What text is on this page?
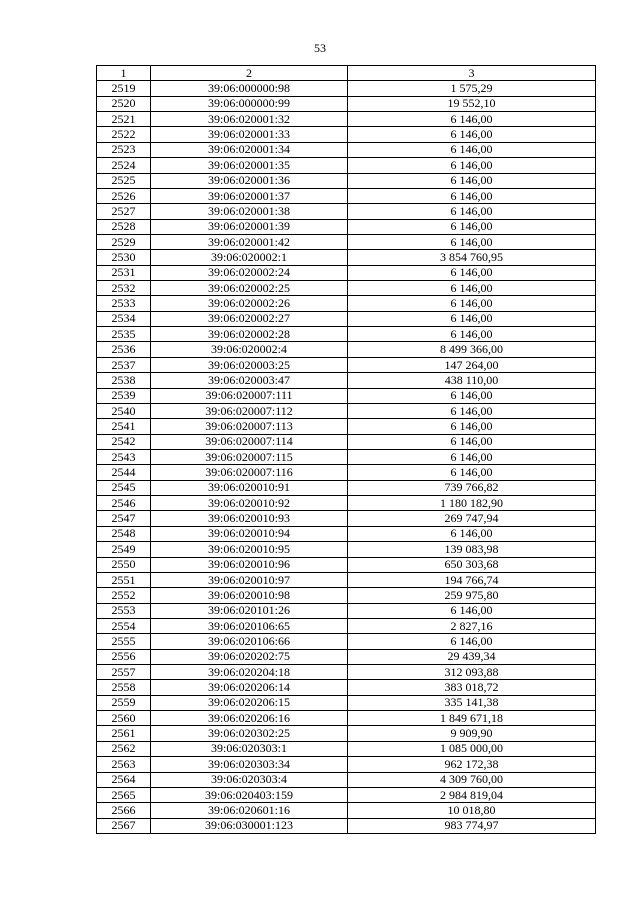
53
1	2	3
2519	39:06:000000:98	1 575,29
2520	39:06:000000:99	19 552,10
2521	39:06:020001:32	6 146,00
2522	39:06:020001:33	6 146,00
2523	39:06:020001:34	6 146,00
2524	39:06:020001:35	6 146,00
2525	39:06:020001:36	6 146,00
2526	39:06:020001:37	6 146,00
2527	39:06:020001:38	6 146,00
2528	39:06:020001:39	6 146,00
2529	39:06:020001:42	6 146,00
2530	39:06:020002:1	3 854 760,95
2531	39:06:020002:24	6 146,00
2532	39:06:020002:25	6 146,00
2533	39:06:020002:26	6 146,00
2534	39:06:020002:27	6 146,00
2535	39:06:020002:28	6 146,00
2536	39:06:020002:4	8 499 366,00
2537	39:06:020003:25	147 264,00
2538	39:06:020003:47	438 110,00
2539	39:06:020007:111	6 146,00
2540	39:06:020007:112	6 146,00
2541	39:06:020007:113	6 146,00
2542	39:06:020007:114	6 146,00
2543	39:06:020007:115	6 146,00
2544	39:06:020007:116	6 146,00
2545	39:06:020010:91	739 766,82
2546	39:06:020010:92	1 180 182,90
2547	39:06:020010:93	269 747,94
2548	39:06:020010:94	6 146,00
2549	39:06:020010:95	139 083,98
2550	39:06:020010:96	650 303,68
2551	39:06:020010:97	194 766,74
2552	39:06:020010:98	259 975,80
2553	39:06:020101:26	6 146,00
2554	39:06:020106:65	2 827,16
2555	39:06:020106:66	6 146,00
2556	39:06:020202:75	29 439,34
2557	39:06:020204:18	312 093,88
2558	39:06:020206:14	383 018,72
2559	39:06:020206:15	335 141,38
2560	39:06:020206:16	1 849 671,18
2561	39:06:020302:25	9 909,90
2562	39:06:020303:1	1 085 000,00
2563	39:06:020303:34	962 172,38
2564	39:06:020303:4	4 309 760,00
2565	39:06:020403:159	2 984 819,04
2566	39:06:020601:16	10 018,80
2567	39:06:030001:123	983 774,97
